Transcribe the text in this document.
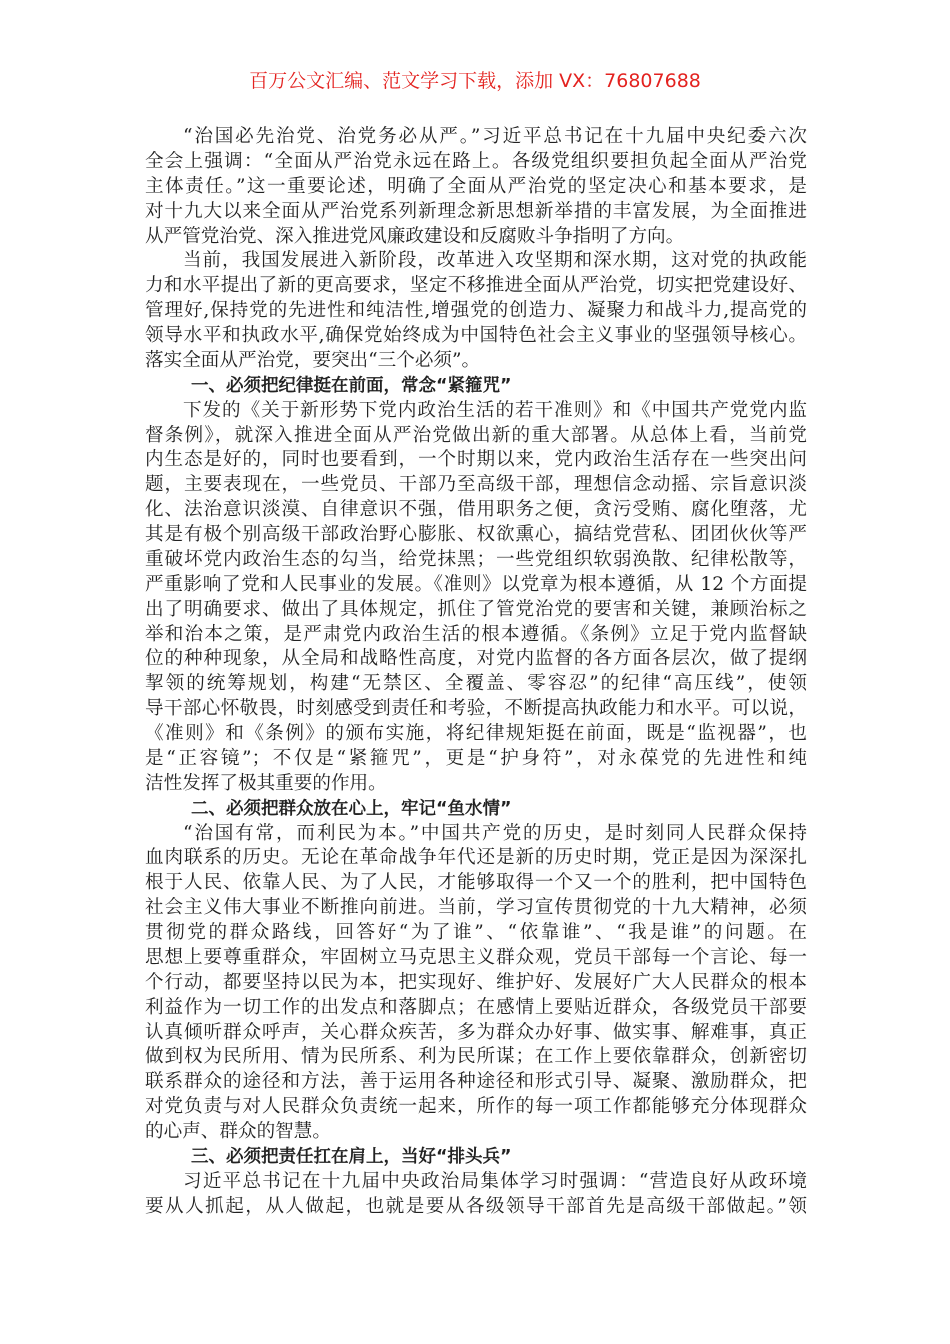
百万公文汇编、范文学习下载，添加 VX：76807688
“治国必先治党、治党务必从严。”习近平总书记在十九届中央纪委六次
全会上强调：“全面从严治党永远在路上。各级党组织要担负起全面从严治党
主体责任。”这一重要论述，明确了全面从严治党的坚定决心和基本要求，是
对十九大以来全面从严治党系列新理念新思想新举措的丰富发展，为全面推进
从严管党治党、深入推进党风廉政建设和反腐败斗争指明了方向。
当前，我国发展进入新阶段，改革进入攻坚期和深水期，这对党的执政能
力和水平提出了新的更高要求，坚定不移推进全面从严治党，切实把党建设好、
管理好,保持党的先进性和纯洁性,增强党的创造力、凝聚力和战斗力,提高党的
领导水平和执政水平,确保党始终成为中国特色社会主义事业的坚强领导核心。
落实全面从严治党，要突出“三个必须”。
一、必须把纪律挺在前面，常念“紧箍咒”
下发的《关于新形势下党内政治生活的若干准则》和《中国共产党党内监
督条例》，就深入推进全面从严治党做出新的重大部署。从总体上看，当前党
内生态是好的，同时也要看到，一个时期以来，党内政治生活存在一些突出问
题，主要表现在，一些党员、干部乃至高级干部，理想信念动摇、宗旨意识淡
化、法治意识淡漠、自律意识不强，借用职务之便，贪污受贿、腐化堕落，尤
其是有极个别高级干部政治野心膨胀、权欲熏心，搞结党营私、团团伙伙等严
重破坏党内政治生态的勾当，给党抹黑；一些党组织软弱涣散、纪律松散等，
严重影响了党和人民事业的发展。《准则》以党章为根本遵循，从 12 个方面提
出了明确要求、做出了具体规定，抓住了管党治党的要害和关键，兼顾治标之
举和治本之策，是严肃党内政治生活的根本遵循。《条例》立足于党内监督缺
位的种种现象，从全局和战略性高度，对党内监督的各方面各层次，做了提纲
挈领的统筹规划，构建“无禁区、全覆盖、零容忍”的纪律“高压线”，使领
导干部心怀敬畏，时刻感受到责任和考验，不断提高执政能力和水平。可以说，
《准则》和《条例》的颁布实施，将纪律规矩挺在前面，既是“监视器”，也
是“正容镜”；不仅是“紧箍咒”，更是“护身符”，对永葆党的先进性和纯
洁性发挥了极其重要的作用。
二、必须把群众放在心上，牢记“鱼水情”
“治国有常，而利民为本。”中国共产党的历史，是时刻同人民群众保持
血肉联系的历史。无论在革命战争年代还是新的历史时期，党正是因为深深扎
根于人民、依靠人民、为了人民，才能够取得一个又一个的胜利，把中国特色
社会主义伟大事业不断推向前进。当前，学习宣传贯彻党的十九大精神，必须
贯彻党的群众路线，回答好“为了谁”、“依靠谁”、“我是谁”的问题。在
思想上要尊重群众，牢固树立马克思主义群众观，党员干部每一个言论、每一
个行动，都要坚持以民为本，把实现好、维护好、发展好广大人民群众的根本
利益作为一切工作的出发点和落脚点；在感情上要贴近群众，各级党员干部要
认真倾听群众呼声，关心群众疾苦，多为群众办好事、做实事、解难事，真正
做到权为民所用、情为民所系、利为民所谋；在工作上要依靠群众，创新密切
联系群众的途径和方法，善于运用各种途径和形式引导、凝聚、激励群众，把
对党负责与对人民群众负责统一起来，所作的每一项工作都能够充分体现群众
的心声、群众的智慧。
三、必须把责任扛在肩上，当好“排头兵”
习近平总书记在十九届中央政治局集体学习时强调：“营造良好从政环境
要从人抓起，从人做起，也就是要从各级领导干部首先是高级干部做起。”领
